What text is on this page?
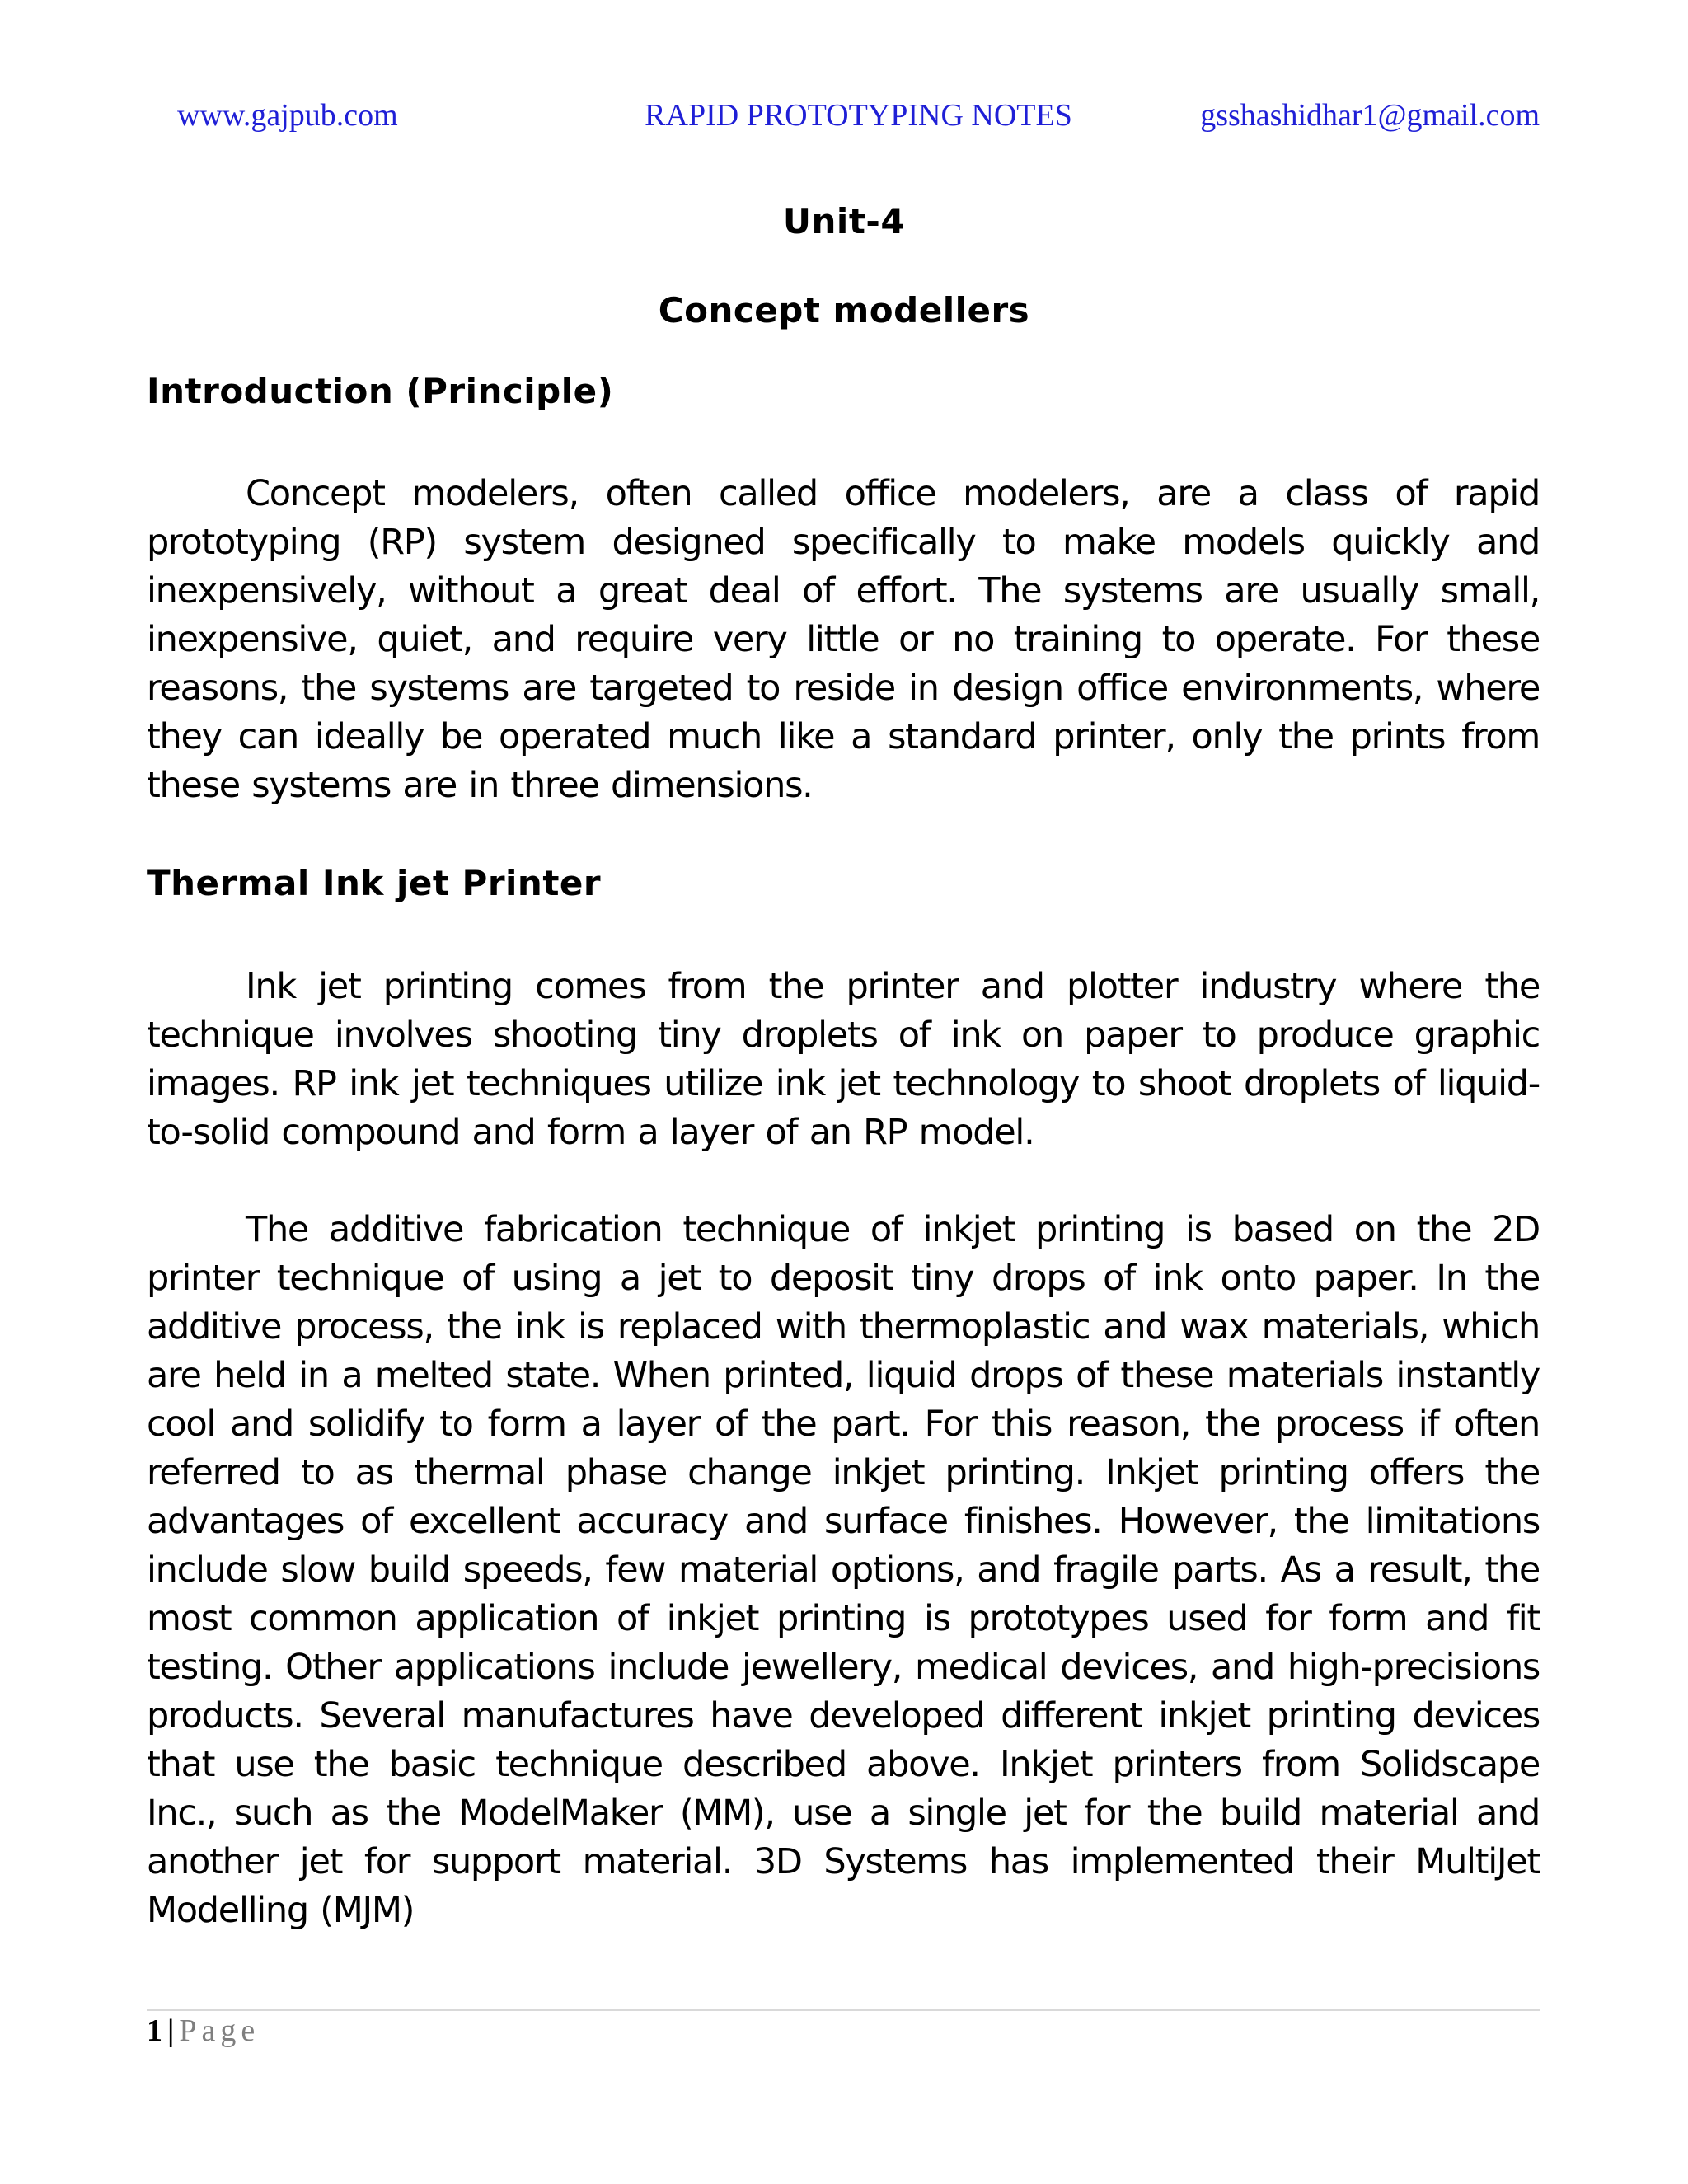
www.gajpub.com	RAPID PROTOTYPING NOTES	gsshashidhar1@gmail.com
Unit-4
Concept modellers
Introduction (Principle)

Concept modelers, often called office modelers, are a class of rapid prototyping (RP) system designed specifically to make models quickly and inexpensively, without a great deal of effort. The systems are usually small, inexpensive, quiet, and require very little or no training to operate. For these reasons, the systems are targeted to reside in design office environments, where they can ideally be operated much like a standard printer, only the prints from these systems are in three dimensions.

Thermal Ink jet Printer

Ink jet printing comes from the printer and plotter industry where the technique involves shooting tiny droplets of ink on paper to produce graphic images. RP ink jet techniques utilize ink jet technology to shoot droplets of liquid-to-solid compound and form a layer of an RP model.

The additive fabrication technique of inkjet printing is based on the 2D printer technique of using a jet to deposit tiny drops of ink onto paper. In the additive process, the ink is replaced with thermoplastic and wax materials, which are held in a melted state. When printed, liquid drops of these materials instantly cool and solidify to form a layer of the part. For this reason, the process if often referred to as thermal phase change inkjet printing. Inkjet printing offers the advantages of excellent accuracy and surface finishes. However, the limitations include slow build speeds, few material options, and fragile parts. As a result, the most common application of inkjet printing is prototypes used for form and fit testing. Other applications include jewellery, medical devices, and high-precisions products. Several manufactures have developed different inkjet printing devices that use the basic technique described above. Inkjet printers from Solidscape Inc., such as the ModelMaker (MM), use a single jet for the build material and another jet for support material. 3D Systems has implemented their MultiJet Modelling (MJM)

1 | Page
